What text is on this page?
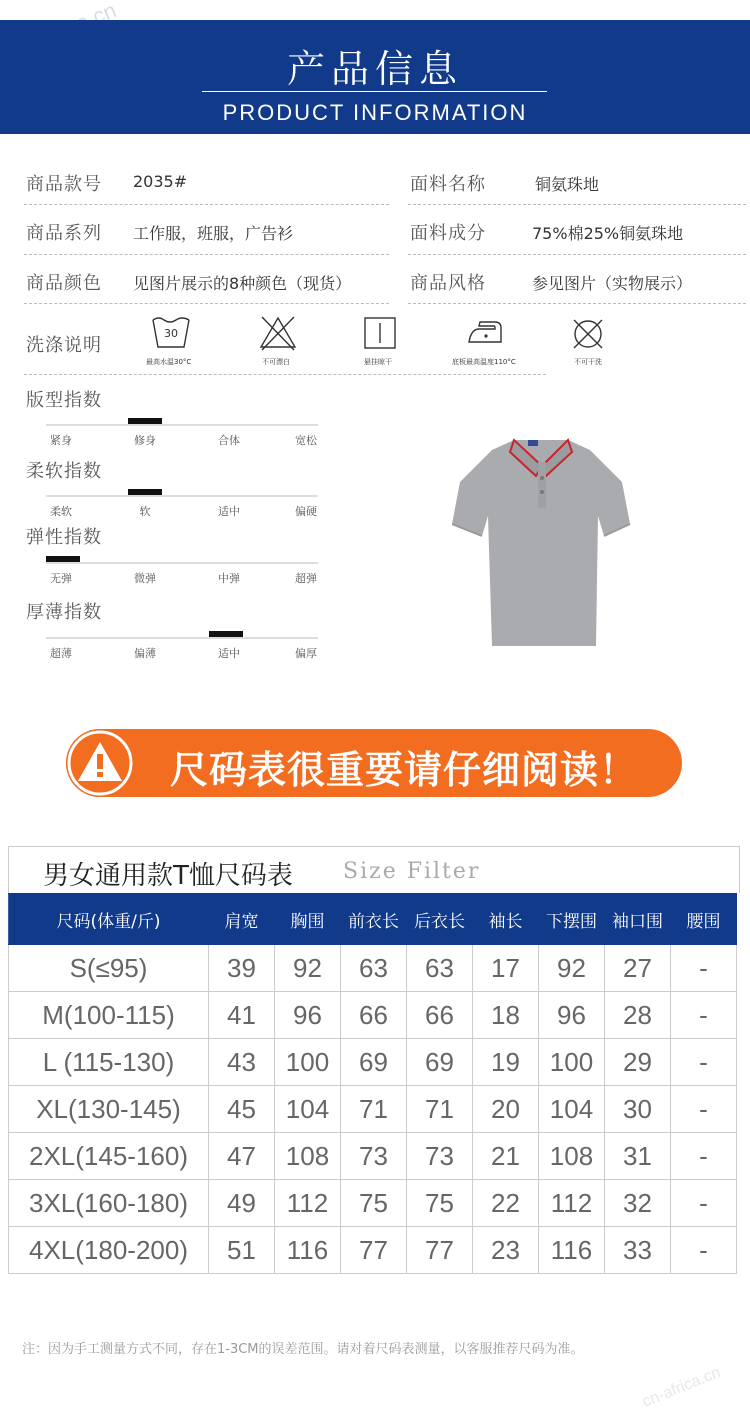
产品信息
PRODUCT INFORMATION
商品款号 2035#	面料名称	铜氨珠地
商品系列 工作服，班服，广告衫	面料成分	75%棉25%铜氨珠地
商品颜色 见图片展示的8种颜色（现货）	商品风格	参见图片（实物展示）
洗涤说明
30
最高水温30°C	不可漂白	悬挂晾干	底板最高温度110°C	不可干洗
版型指数
紧身	修身	合体	宽松
柔软指数
柔软	软	适中	偏硬
弹性指数
无弹	微弹	中弹	超弹
厚薄指数
超薄	偏薄	适中	偏厚
尺码表很重要请仔细阅读！
男女通用款T恤尺码表 Size Filter
尺码(体重/斤)	肩宽	胸围	前衣长	后衣长	袖长	下摆围	袖口围	腰围
S(≤95)	39	92	63	63	17	92	27	-
M(100-115)	41	96	66	66	18	96	28	-
L (115-130)	43	100	69	69	19	100	29	-
XL(130-145)	45	104	71	71	20	104	30	-
2XL(145-160)	47	108	73	73	21	108	31	-
3XL(160-180)	49	112	75	75	22	112	32	-
4XL(180-200)	51	116	77	77	23	116	33	-
注：因为手工测量方式不同，存在1-3CM的误差范围。请对着尺码表测量，以客服推荐尺码为准。
cn-africa.cn
